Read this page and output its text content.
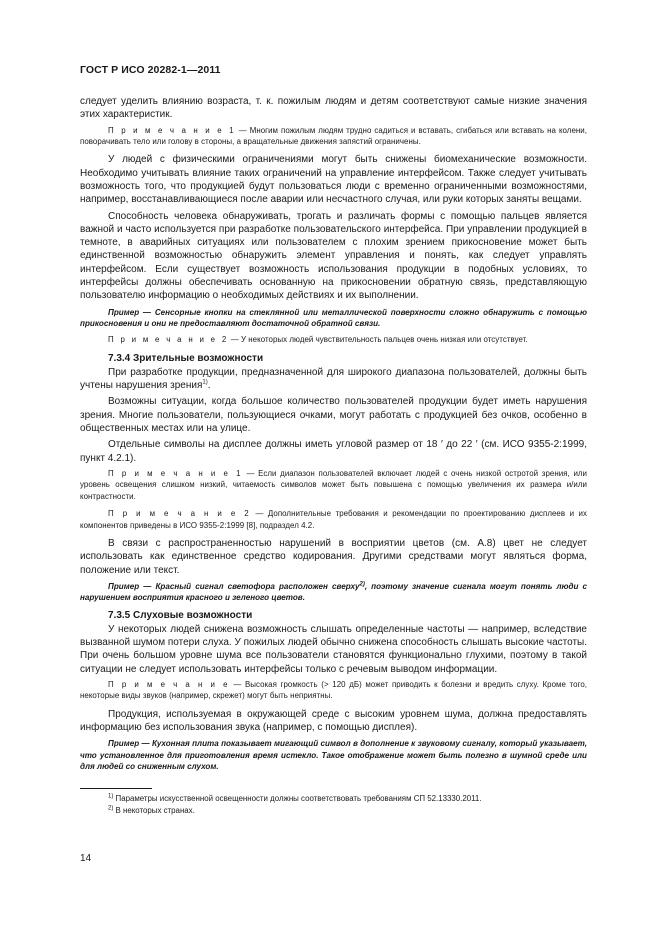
ГОСТ Р ИСО 20282-1—2011

следует уделить влиянию возраста, т. к. пожилым людям и детям соответствуют самые низкие значения этих характеристик.

П р и м е ч а н и е 1 — Многим пожилым людям трудно садиться и вставать, сгибаться или вставать на колени, поворачивать тело или голову в стороны, а вращательные движения запястий ограничены.

У людей с физическими ограничениями могут быть снижены биомеханические возможности. Необходимо учитывать влияние таких ограничений на управление интерфейсом. Также следует учитывать возможность того, что продукцией будут пользоваться люди с временно ограниченными возможностями, например, восстанавливающиеся после аварии или несчастного случая, или руки которых заняты вещами.

Способность человека обнаруживать, трогать и различать формы с помощью пальцев является важной и часто используется при разработке пользовательского интерфейса. При управлении продукцией в темноте, в аварийных ситуациях или пользователем с плохим зрением прикосновение может быть единственной возможностью обнаружить элемент управления и понять, как следует управлять интерфейсом. Если существует возможность использования продукции в подобных условиях, то интерфейсы должны обеспечивать основанную на прикосновении обратную связь, представляющую пользователю информацию о необходимых действиях и их выполнении.

Пример — Сенсорные кнопки на стеклянной или металлической поверхности сложно обнаружить с помощью прикосновения и они не предоставляют достаточной обратной связи.

П р и м е ч а н и е 2 — У некоторых людей чувствительность пальцев очень низкая или отсутствует.

7.3.4 Зрительные возможности

При разработке продукции, предназначенной для широкого диапазона пользователей, должны быть учтены нарушения зрения$^{1)}$.

Возможны ситуации, когда большое количество пользователей продукции будет иметь нарушения зрения. Многие пользователи, пользующиеся очками, могут работать с продукцией без очков, особенно в общественных местах или на улице.

Отдельные символы на дисплее должны иметь угловой размер от 18 ′ до 22 ′ (см. ИСО 9355-2:1999, пункт 4.2.1).

П р и м е ч а н и е 1 — Если диапазон пользователей включает людей с очень низкой остротой зрения, или уровень освещения слишком низкий, читаемость символов может быть повышена с помощью увеличения их размера и/или контрастности.

П р и м е ч а н и е 2 — Дополнительные требования и рекомендации по проектированию дисплеев и их компонентов приведены в ИСО 9355-2:1999 [8], подраздел 4.2.

В связи с распространенностью нарушений в восприятии цветов (см. А.8) цвет не следует использовать как единственное средство кодирования. Другими средствами могут являться форма, положение или текст.

Пример — Красный сигнал светофора расположен сверху$^{2)}$, поэтому значение сигнала могут понять люди с нарушением восприятия красного и зеленого цветов.

7.3.5 Слуховые возможности

У некоторых людей снижена возможность слышать определенные частоты — например, вследствие вызванной шумом потери слуха. У пожилых людей обычно снижена способность слышать высокие частоты. При очень большом уровне шума все пользователи становятся функционально глухими, поэтому в такой ситуации не следует использовать интерфейсы только с речевым выводом информации.

П р и м е ч а н и е — Высокая громкость (> 120 дБ) может приводить к болезни и вредить слуху. Кроме того, некоторые виды звуков (например, скрежет) могут быть неприятны.

Продукция, используемая в окружающей среде с высоким уровнем шума, должна предоставлять информацию без использования звука (например, с помощью дисплея).

Пример — Кухонная плита показывает мигающий символ в дополнение к звуковому сигналу, который указывает, что установленное для приготовления время истекло. Такое отображение может быть полезно в шумной среде или для людей со сниженным слухом.

$^{1)}$ Параметры искусственной освещенности должны соответствовать требованиям СП 52.13330.2011.
$^{2)}$ В некоторых странах.
14
